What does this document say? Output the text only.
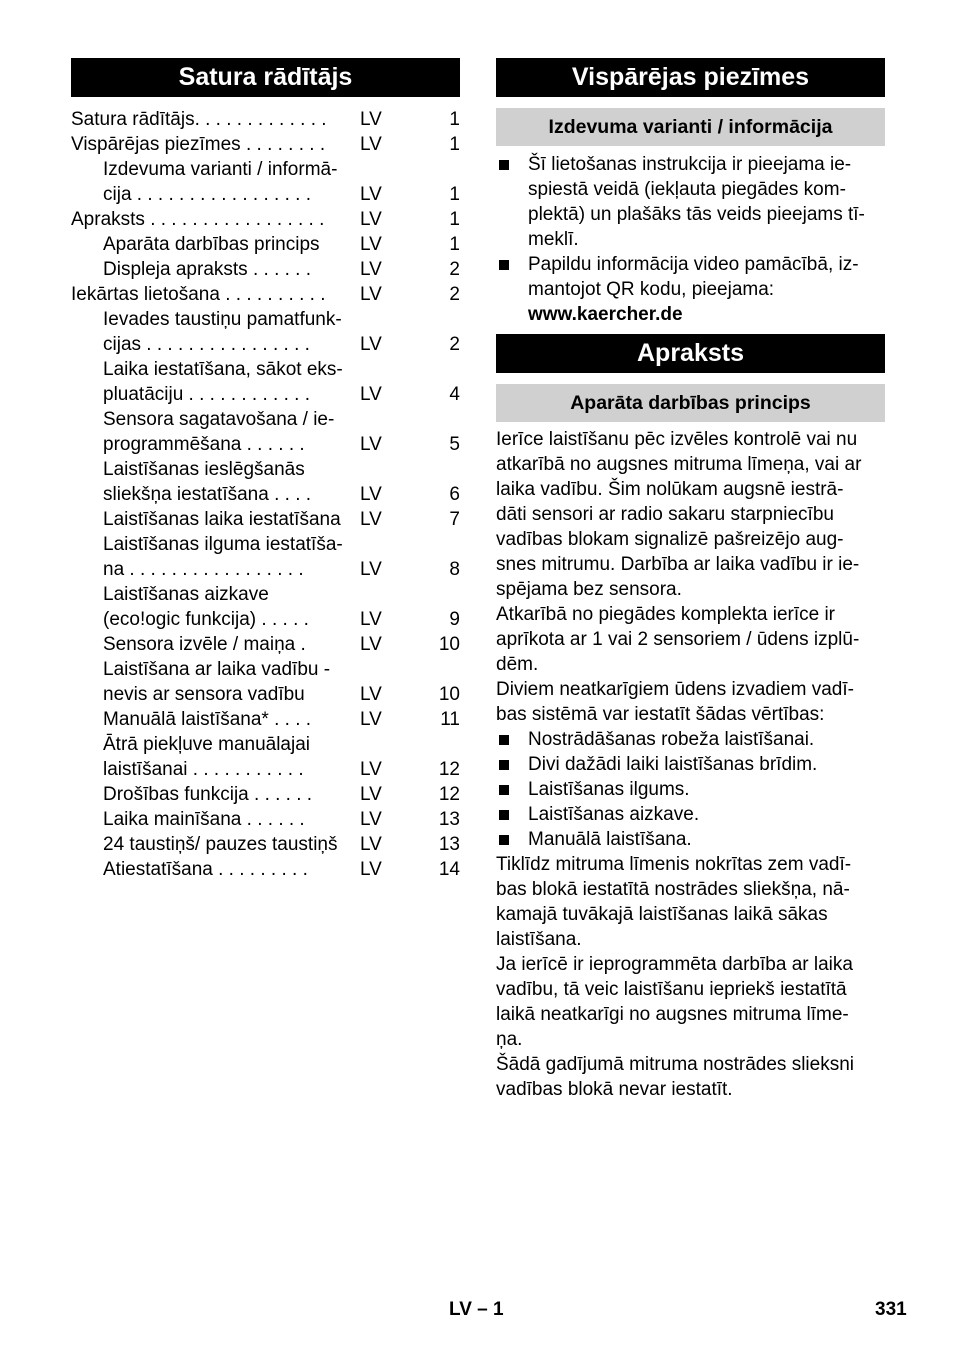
Satura rādītājs
Satura rādītājs. . . . . . . . . . . . .	LV	1
Vispārējas piezīmes . . . . . . . .	LV	1
Izdevuma varianti / informā-
cija . . . . . . . . . . . . . . . . .	LV	1
Apraksts . . . . . . . . . . . . . . . . .	LV	1
Aparāta darbības princips	LV	1
Displeja apraksts . . . . . .	LV	2
Iekārtas lietošana . . . . . . . . . .	LV	2
Ievades taustiņu pamatfunk-
cijas . . . . . . . . . . . . . . . .	LV	2
Laika iestatīšana, sākot eks-
pluatāciju . . . . . . . . . . . .	LV	4
Sensora sagatavošana / ie-
programmēšana . . . . . .	LV	5
Laistīšanas ieslēgšanās
sliekšņa iestatīšana . . . .	LV	6
Laistīšanas laika iestatīšana	LV	7
Laistīšanas ilguma iestatīša-
na . . . . . . . . . . . . . . . . .	LV	8
Laistīšanas aizkave
(eco!ogic funkcija) . . . . .	LV	9
Sensora izvēle / maiņa .	LV	10
Laistīšana ar laika vadību -
nevis ar sensora vadību	LV	10
Manuālā laistīšana* . . . .	LV	11
Ātrā piekļuve manuālajai
laistīšanai . . . . . . . . . . .	LV	12
Drošības funkcija . . . . . .	LV	12
Laika mainīšana . . . . . .	LV	13
24 taustiņš/ pauzes taustiņš	LV	13
Atiestatīšana . . . . . . . . .	LV	14
Vispārējas piezīmes
Izdevuma varianti / informācija
Šī lietošanas instrukcija ir pieejama ie-
spiestā veidā (iekļauta piegādes kom-
plektā) un plašāks tās veids pieejams tī-
meklī.
Papildu informācija video pamācībā, iz-
mantojot QR kodu, pieejama:
www.kaercher.de
Apraksts
Aparāta darbības princips

Ierīce laistīšanu pēc izvēles kontrolē vai nu
atkarībā no augsnes mitruma līmeņa, vai ar
laika vadību. Šim nolūkam augsnē iestrā-
dāti sensori ar radio sakaru starpniecību
vadības blokam signalizē pašreizējo aug-
snes mitrumu. Darbība ar laika vadību ir ie-
spējama bez sensora.

Atkarībā no piegādes komplekta ierīce ir
aprīkota ar 1 vai 2 sensoriem / ūdens izplū-
dēm.

Diviem neatkarīgiem ūdens izvadiem vadī-
bas sistēmā var iestatīt šādas vērtības:

Nostrādāšanas robeža laistīšanai.
Divi dažādi laiki laistīšanas brīdim.
Laistīšanas ilgums.
Laistīšanas aizkave.
Manuālā laistīšana.

Tiklīdz mitruma līmenis nokrītas zem vadī-
bas blokā iestatītā nostrādes sliekšņa, nā-
kamajā tuvākajā laistīšanas laikā sākas
laistīšana.

Ja ierīcē ir ieprogrammēta darbība ar laika
vadību, tā veic laistīšanu iepriekš iestatītā
laikā neatkarīgi no augsnes mitruma līme-
ņa.

Šādā gadījumā mitruma nostrādes slieksni
vadības blokā nevar iestatīt.

LV – 1	331
